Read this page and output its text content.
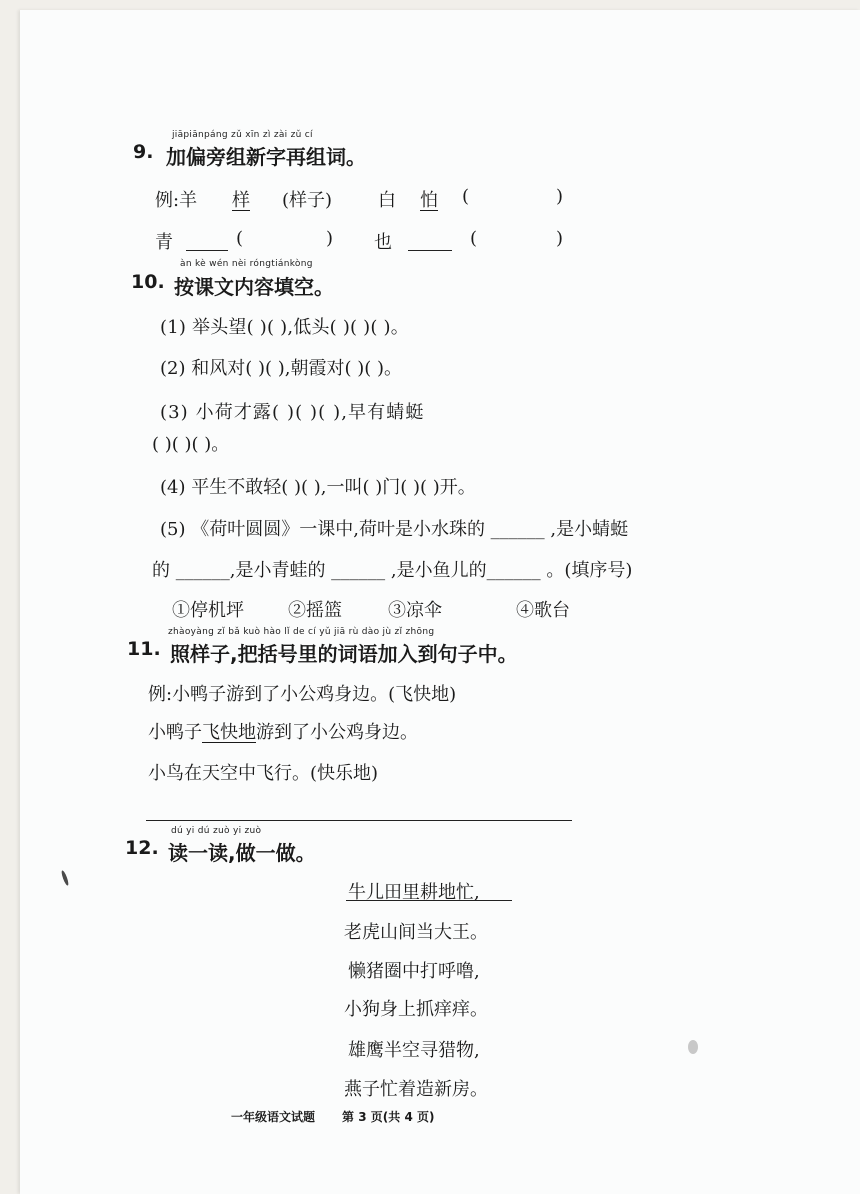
jiāpiānpáng zǔ xīn zì zài zǔ cí
9. 加偏旁组新字再组词。
例:羊 样 (样子)	白 怕 (	)
青	(	) 也	(	)
àn kè wén nèi róngtiánkòng
10. 按课文内容填空。
(1) 举头望( )( ),低头( )( )( )。
(2) 和风对( )( ),朝霞对( )( )。
(3) 小荷才露( )( )( ),早有蜻蜓
( )( )( )。
(4) 平生不敢轻( )( ),一叫( )门( )( )开。
(5) 《荷叶圆圆》一课中,荷叶是小水珠的 ______ ,是小蜻蜓
的 ______,是小青蛙的 ______ ,是小鱼儿的______ 。(填序号)
①停机坪 ②摇篮	③凉伞	④歌台
zhàoyàng zǐ bǎ kuò hào lǐ de cí yǔ jiā rù dào jù zǐ zhōng
11. 照样子,把括号里的词语加入到句子中。
例:小鸭子游到了小公鸡身边。(飞快地)
小鸭子飞快地游到了小公鸡身边。
小鸟在天空中飞行。(快乐地)
dú yi dú zuò yi zuò
12. 读一读,做一做。
牛儿田里耕地忙,
老虎山间当大王。
懒猪圈中打呼噜,
小狗身上抓痒痒。
雄鹰半空寻猎物,
燕子忙着造新房。
一年级语文试题 第 3 页(共 4 页)
